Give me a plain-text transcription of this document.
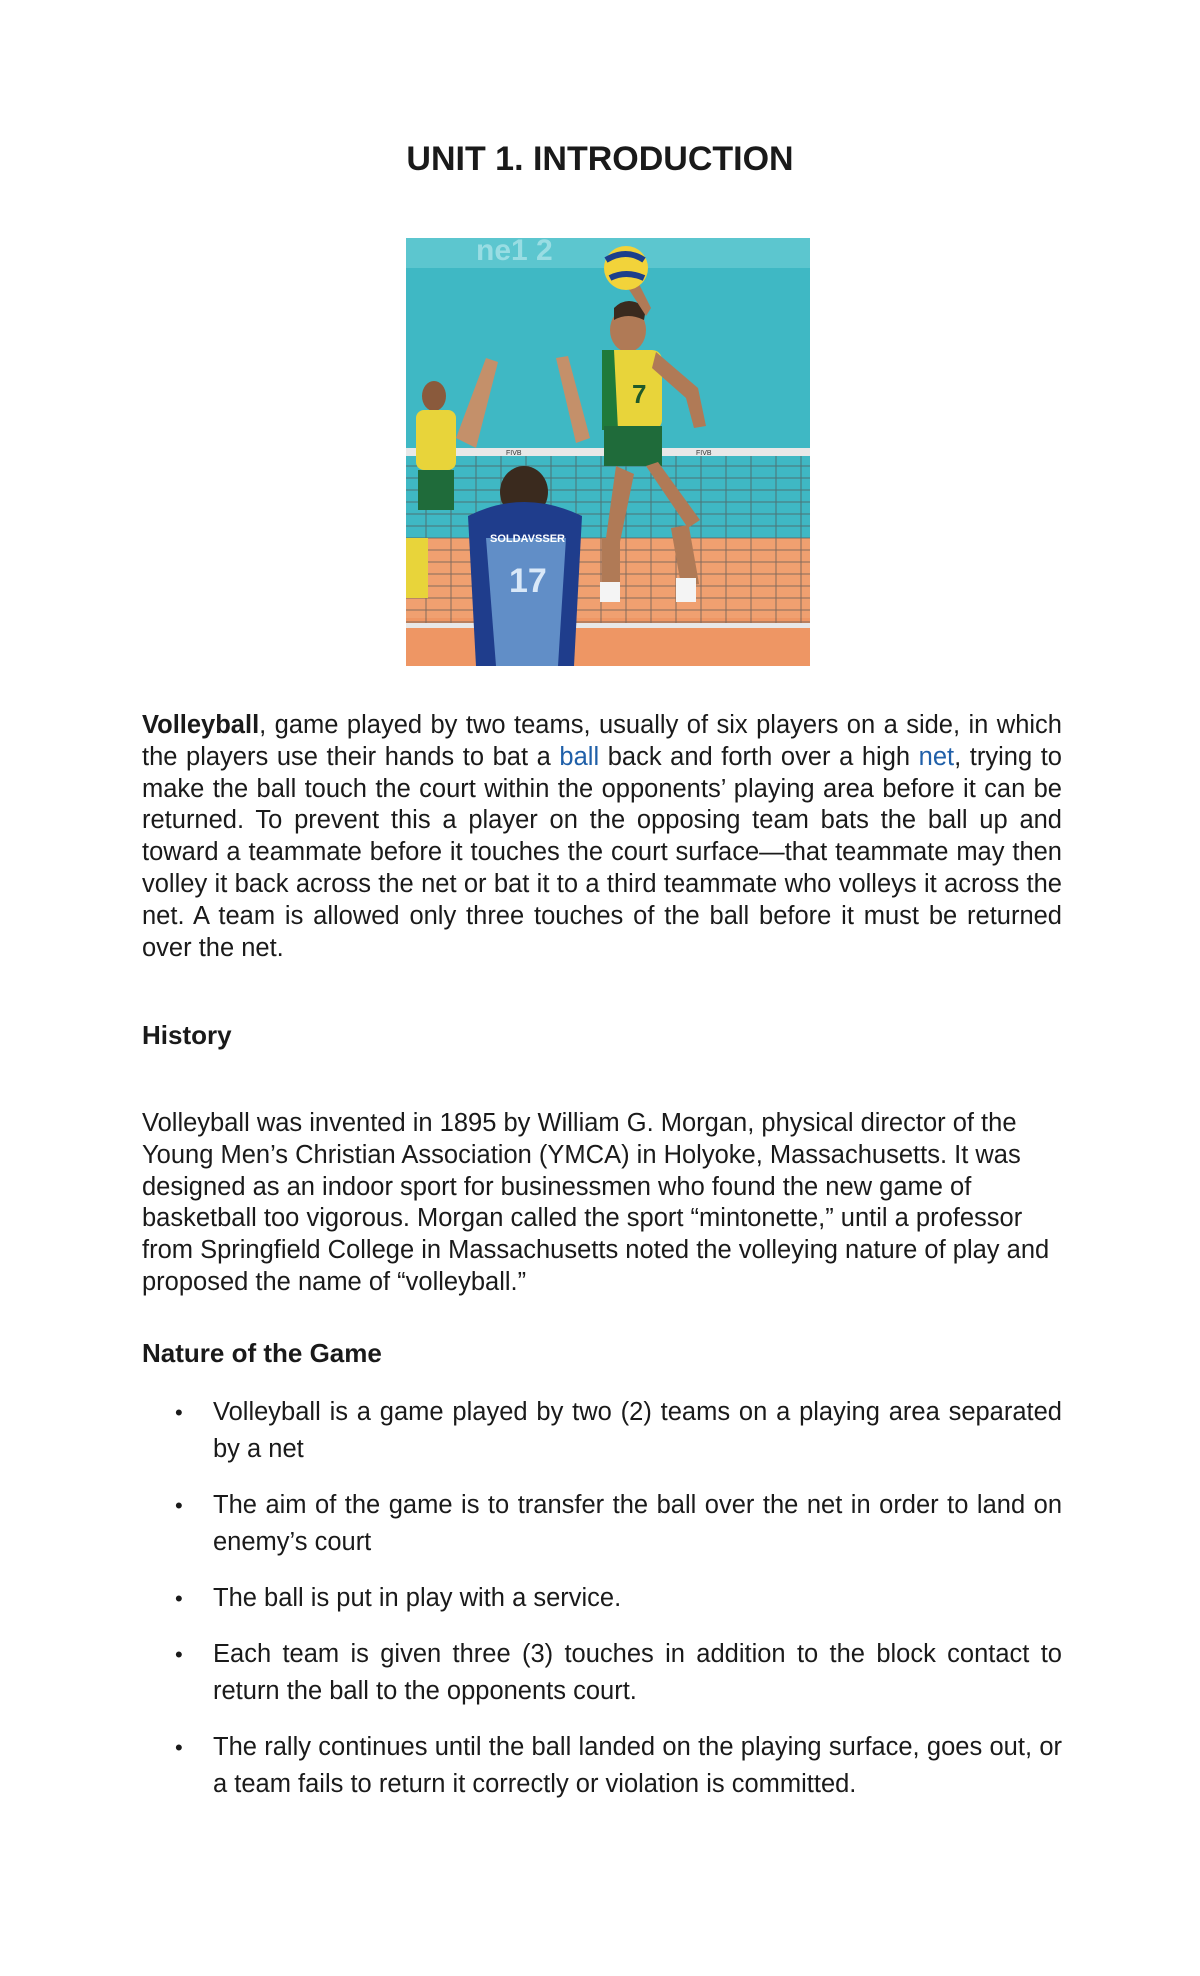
UNIT 1. INTRODUCTION
ne1 2
FIVB	FIVB
7
SOLDAVSSER
17

Volleyball, game played by two teams, usually of six players on a side, in which the players use their hands to bat a ball back and forth over a high net, trying to make the ball touch the court within the opponents’ playing area before it can be returned. To prevent this a player on the opposing team bats the ball up and toward a teammate before it touches the court surface—that teammate may then volley it back across the net or bat it to a third teammate who volleys it across the net. A team is allowed only three touches of the ball before it must be returned over the net.

History

Volleyball was invented in 1895 by William G. Morgan, physical director of the Young Men’s Christian Association (YMCA) in Holyoke, Massachusetts. It was designed as an indoor sport for businessmen who found the new game of basketball too vigorous. Morgan called the sport “mintonette,” until a professor from Springfield College in Massachusetts noted the volleying nature of play and proposed the name of “volleyball.”

Nature of the Game
• Volleyball is a game played by two (2) teams on a playing area separated by a net
• The aim of the game is to transfer the ball over the net in order to land on enemy’s court
• The ball is put in play with a service.
• Each team is given three (3) touches in addition to the block contact to return the ball to the opponents court.
• The rally continues until the ball landed on the playing surface, goes out, or a team fails to return it correctly or violation is committed.
